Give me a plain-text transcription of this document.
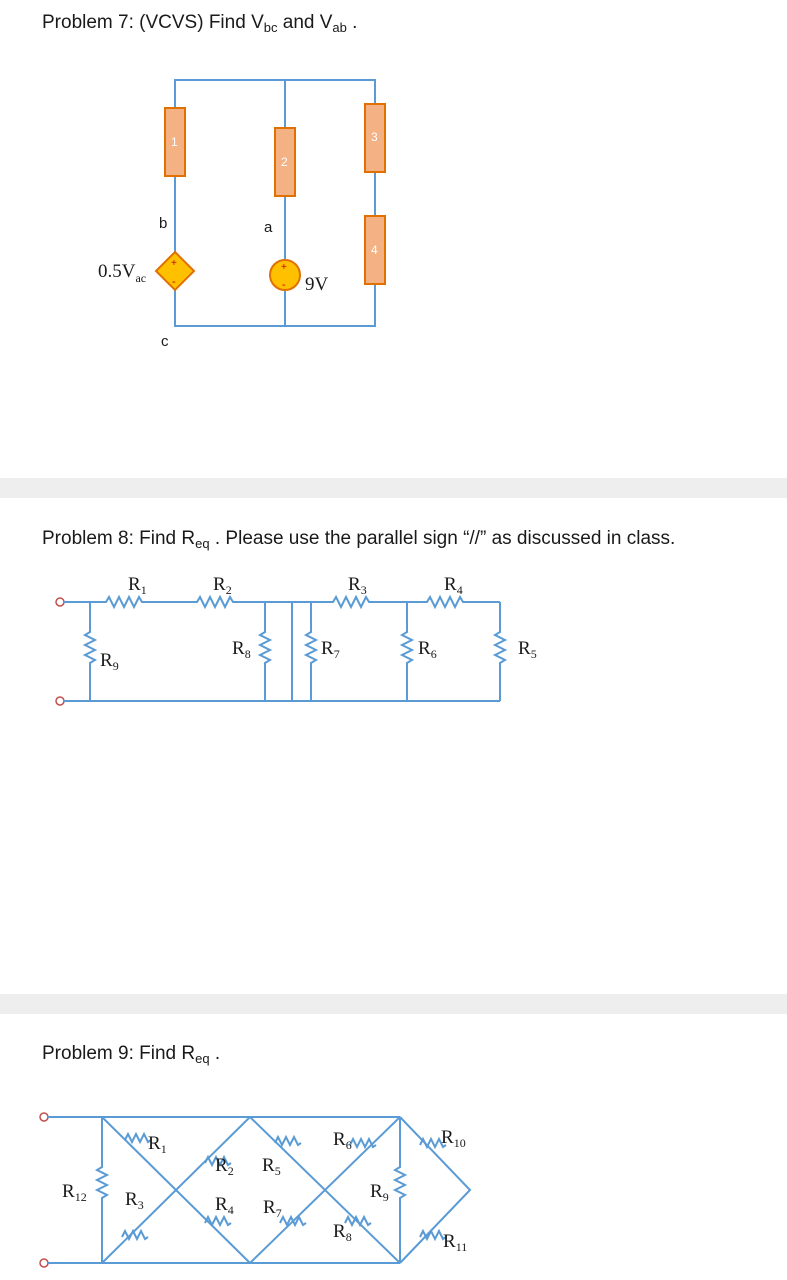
Problem 7: (VCVS) Find $V_{bc}$ and $V_{ab}$ .
1
2
3
4
+
-
+
-
b	a
c
$0.5V_{ac}$	9V
Problem 8: Find $R_{eq}$ . Please use the parallel sign “//” as discussed in class.
$R_1$	$R_2$	$R_3$	$R_4$
$R_9$
$R_8$	$R_7$	$R_6$	$R_5$
Problem 9: Find $R_{eq}$ .
$R_1$
$R_2$
$R_3$	$R_4$
$R_5$
$R_6$
$R_7$
$R_8$
$R_9$
$R_{10}$
$R_{11}$
$R_{12}$
